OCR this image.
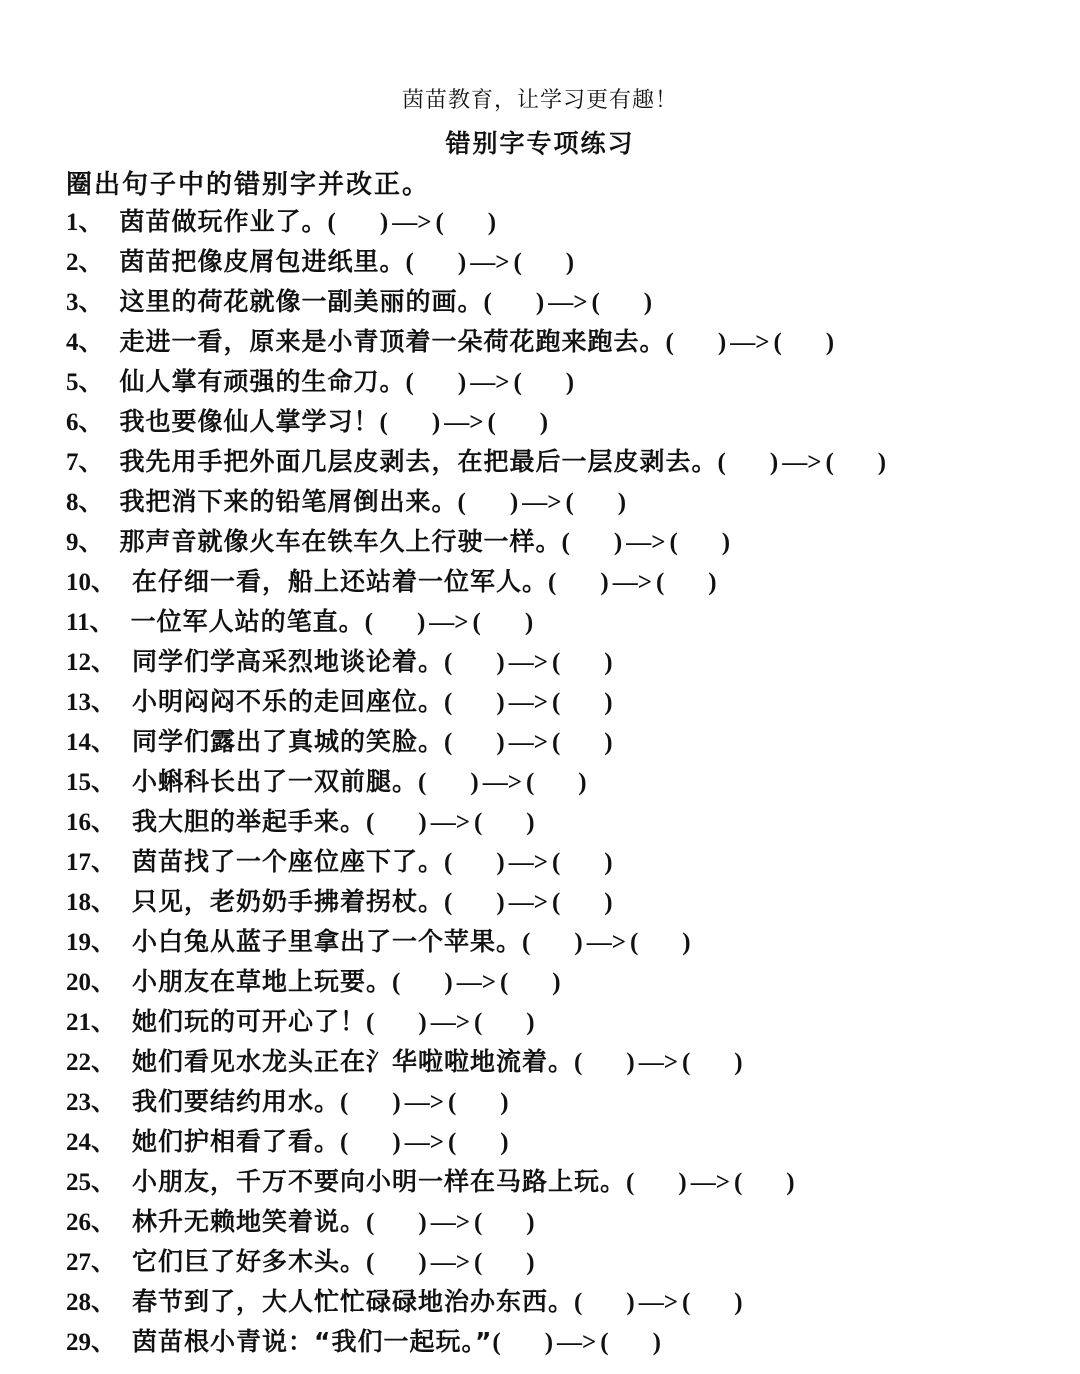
茵苗教育，让学习更有趣！
错别字专项练习
圈出句子中的错别字并改正。
1、 茵苗做玩作业了。( ) —> ( )
2、 茵苗把像皮屑包进纸里。( ) —> ( )
3、 这里的荷花就像一副美丽的画。( ) —> ( )
4、 走进一看，原来是小青顶着一朵荷花跑来跑去。( ) —> ( )
5、 仙人掌有顽强的生命刀。( ) —> ( )
6、 我也要像仙人掌学习！( ) —> ( )
7、 我先用手把外面几层皮剥去，在把最后一层皮剥去。( ) —> ( )
8、 我把消下来的铅笔屑倒出来。( ) —> ( )
9、 那声音就像火车在铁车久上行驶一样。( ) —> ( )
10、 在仔细一看，船上还站着一位军人。( ) —> ( )
11、 一位军人站的笔直。( ) —> ( )
12、 同学们学高采烈地谈论着。( ) —> ( )
13、 小明闷闷不乐的走回座位。( ) —> ( )
14、 同学们露出了真城的笑脸。( ) —> ( )
15、 小蝌科长出了一双前腿。( ) —> ( )
16、 我大胆的举起手来。( ) —> ( )
17、 茵苗找了一个座位座下了。( ) —> ( )
18、 只见，老奶奶手拂着拐杖。( ) —> ( )
19、 小白兔从蓝子里拿出了一个苹果。( ) —> ( )
20、 小朋友在草地上玩要。( ) —> ( )
21、 她们玩的可开心了！( ) —> ( )
22、 她们看见水龙头正在氵华啦啦地流着。( ) —> ( )
23、 我们要结约用水。( ) —> ( )
24、 她们护相看了看。( ) —> ( )
25、 小朋友，千万不要向小明一样在马路上玩。( ) —> ( )
26、 林升无赖地笑着说。( ) —> ( )
27、 它们巨了好多木头。( ) —> ( )
28、 春节到了，大人忙忙碌碌地治办东西。( ) —> ( )
29、 茵苗根小青说：“我们一起玩。”( ) —> ( )
